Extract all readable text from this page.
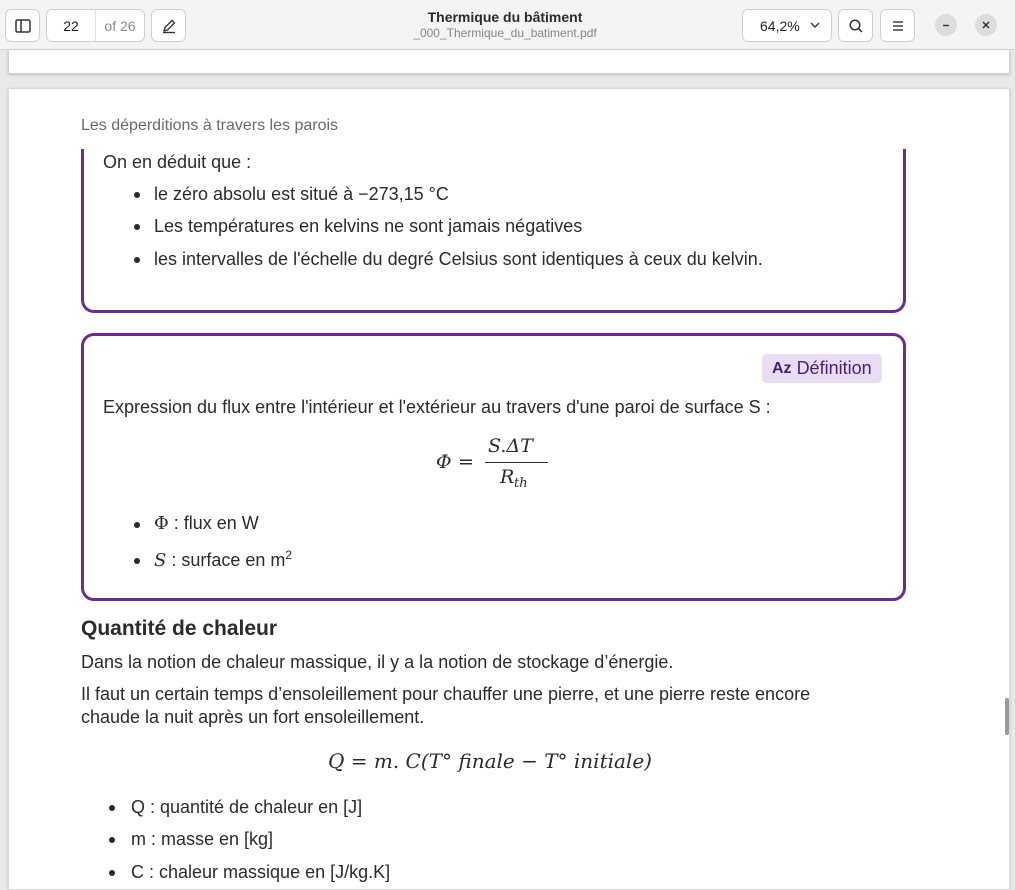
22	of 26
Thermique du bâtiment
_000_Thermique_du_batiment.pdf	64,2%
Les déperditions à travers les parois
On en déduit que :
le zéro absolu est situé à −273,15 °C
Les températures en kelvins ne sont jamais négatives
les intervalles de l'échelle du degré Celsius sont identiques à ceux du kelvin.
Az Définition
Expression du flux entre l'intérieur et l'extérieur au travers d'une paroi de surface S :
Φ =
S.ΔT
R th
Φ : flux en W
S : surface en $m^2$
Quantité de chaleur
Dans la notion de chaleur massique, il y a la notion de stockage d’énergie.
Il faut un certain temps d’ensoleillement pour chauffer une pierre, et une pierre reste encore
chaude la nuit après un fort ensoleillement.
Q = m. C(T° finale − T° initiale)
Q : quantité de chaleur en [J]
m : masse en [kg]
C : chaleur massique en [J/kg.K]
